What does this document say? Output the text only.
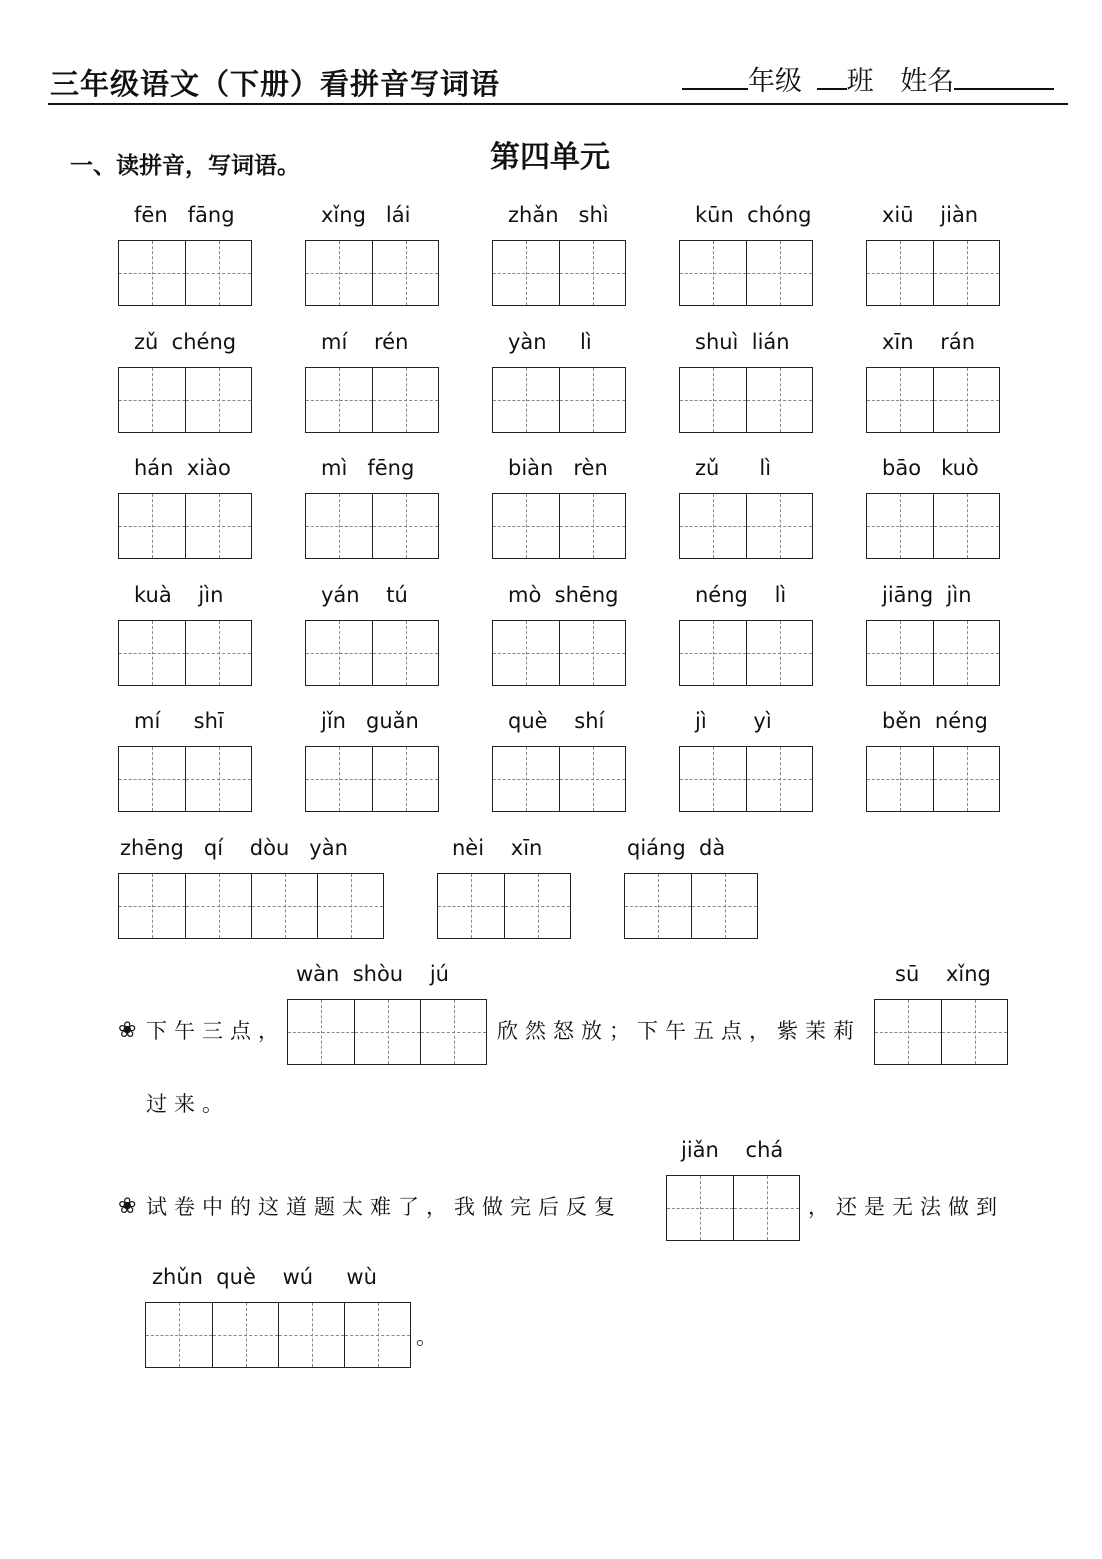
三年级语文（下册）看拼音写词语	年级 班 姓名
一、读拼音，写词语。	第四单元
fēn   fāng	xǐng   lái	zhǎn   shì	kūn  chóng	xiū    jiàn
zǔ  chéng	mí    rén	yàn     lì	shuì  lián	xīn    rán
hán  xiào	mì   fēng	biàn   rèn	zǔ      lì	bāo   kuò
kuà    jìn	yán    tú	mò  shēng	néng    lì	jiāng  jìn
mí     shī	jǐn   guǎn	què    shí	jì       yì	běn  néng
zhēng   qí    dòu   yàn	nèi    xīn	qiáng  dà
wàn  shòu    jú	sū    xǐng
❀ 下午三点，	欣然怒放；下午五点，紫茉莉
过来。
jiǎn    chá
❀ 试卷中的这道题太难了，我做完后反复	，还是无法做到
zhǔn  què    wú     wù
。
